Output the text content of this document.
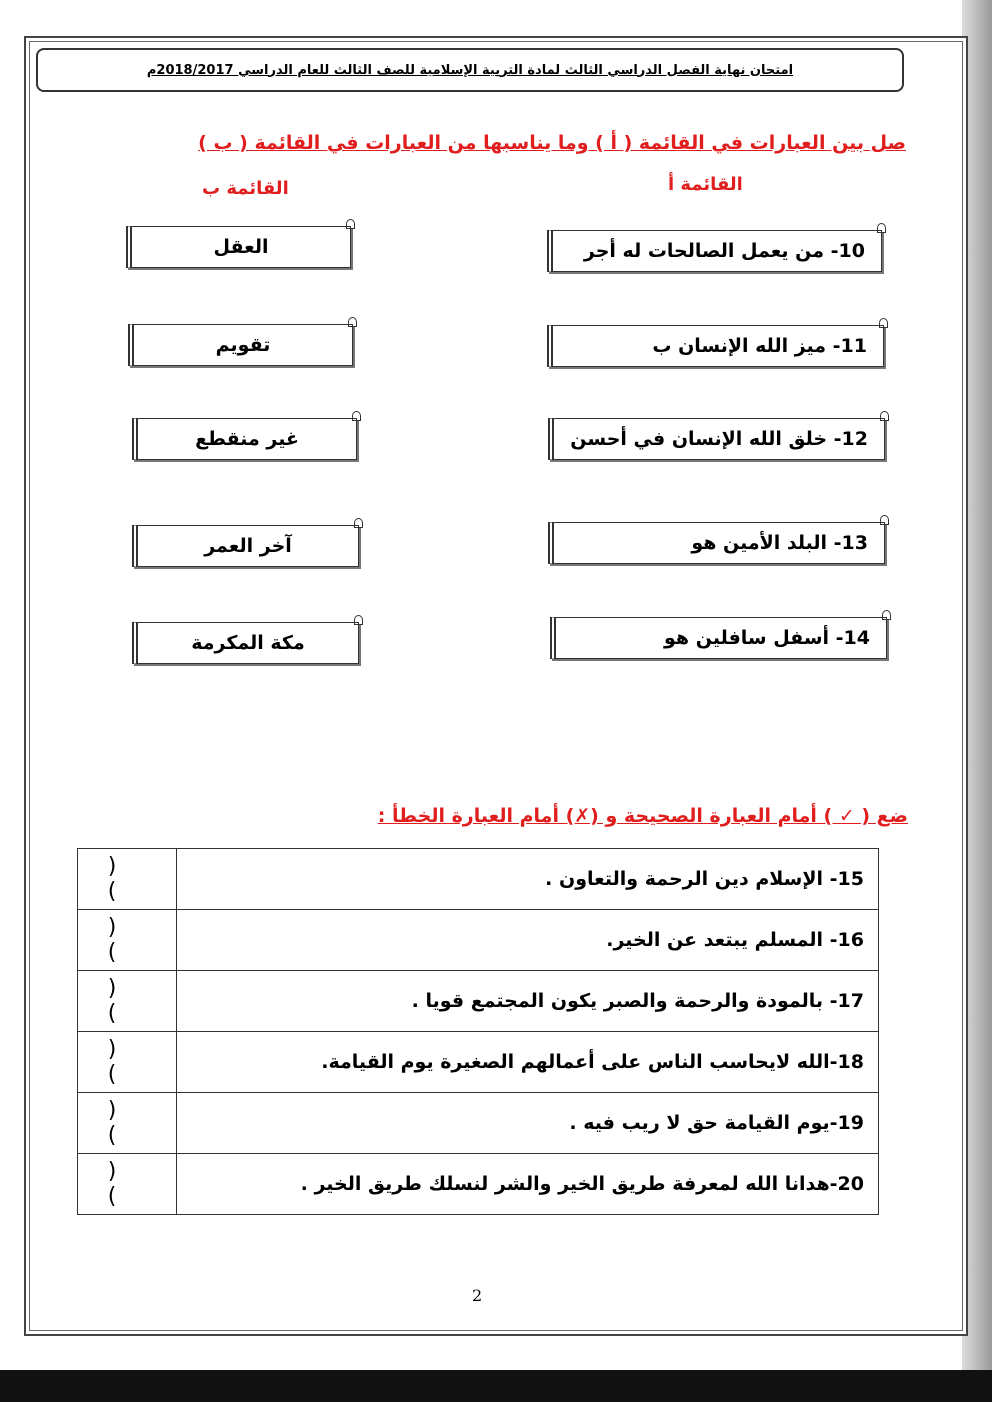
امتحان نهاية الفصل الدراسي الثالث لمادة التربية الإسلامية للصف الثالث للعام الدراسي 2018/2017م
صل بين العبارات في القائمة ( أ ) وما يناسبها من العبارات في القائمة ( ب )
القائمة أ
القائمة ب
10- من يعمل الصالحات له أجر
11- ميز الله الإنسان ب
12- خلق الله الإنسان في أحسن
13- البلد الأمين هو
14- أسفل سافلين هو
العقل
تقويم
غير منقطع
آخر العمر
مكة المكرمة
ضع ( ✓ ) أمام العبارة الصحيحة و (✗) أمام العبارة الخطأ :
( )	15- الإسلام دين الرحمة والتعاون .
( )	16- المسلم يبتعد عن الخير.
( )	17- بالمودة والرحمة والصبر يكون المجتمع قويا .
( )	18-الله لايحاسب الناس على أعمالهم الصغيرة يوم القيامة.
( )	19-يوم القيامة حق لا ريب فيه .
( )	20-هدانا الله لمعرفة طريق الخير والشر لنسلك طريق الخير .
2
